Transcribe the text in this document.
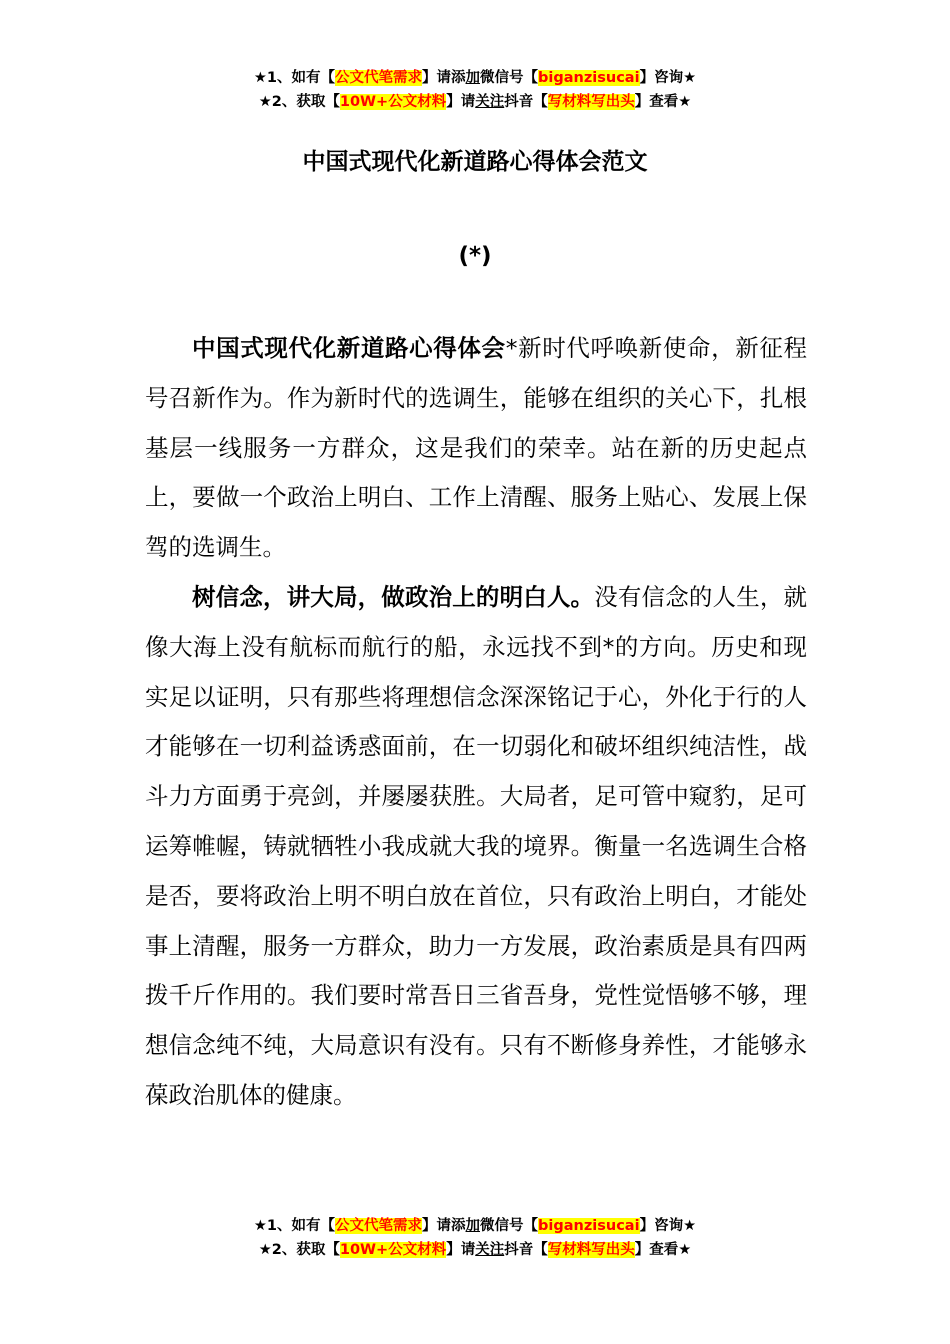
★1、如有【公文代笔需求】请添加微信号【biganzisucai】咨询★
★2、获取【10W+公文材料】请关注抖音【写材料写出头】查看★
中国式现代化新道路心得体会范文
(*)

中国式现代化新道路心得体会*新时代呼唤新使命，新征程号召新作为。作为新时代的选调生，能够在组织的关心下，扎根基层一线服务一方群众，这是我们的荣幸。站在新的历史起点上，要做一个政治上明白、工作上清醒、服务上贴心、发展上保驾的选调生。

树信念，讲大局，做政治上的明白人。没有信念的人生，就像大海上没有航标而航行的船，永远找不到*的方向。历史和现实足以证明，只有那些将理想信念深深铭记于心，外化于行的人才能够在一切利益诱惑面前，在一切弱化和破坏组织纯洁性，战斗力方面勇于亮剑，并屡屡获胜。大局者，足可管中窥豹，足可运筹帷幄，铸就牺牲小我成就大我的境界。衡量一名选调生合格是否，要将政治上明不明白放在首位，只有政治上明白，才能处事上清醒，服务一方群众，助力一方发展，政治素质是具有四两拨千斤作用的。我们要时常吾日三省吾身，党性觉悟够不够，理想信念纯不纯，大局意识有没有。只有不断修身养性，才能够永葆政治肌体的健康。

★1、如有【公文代笔需求】请添加微信号【biganzisucai】咨询★
★2、获取【10W+公文材料】请关注抖音【写材料写出头】查看★
